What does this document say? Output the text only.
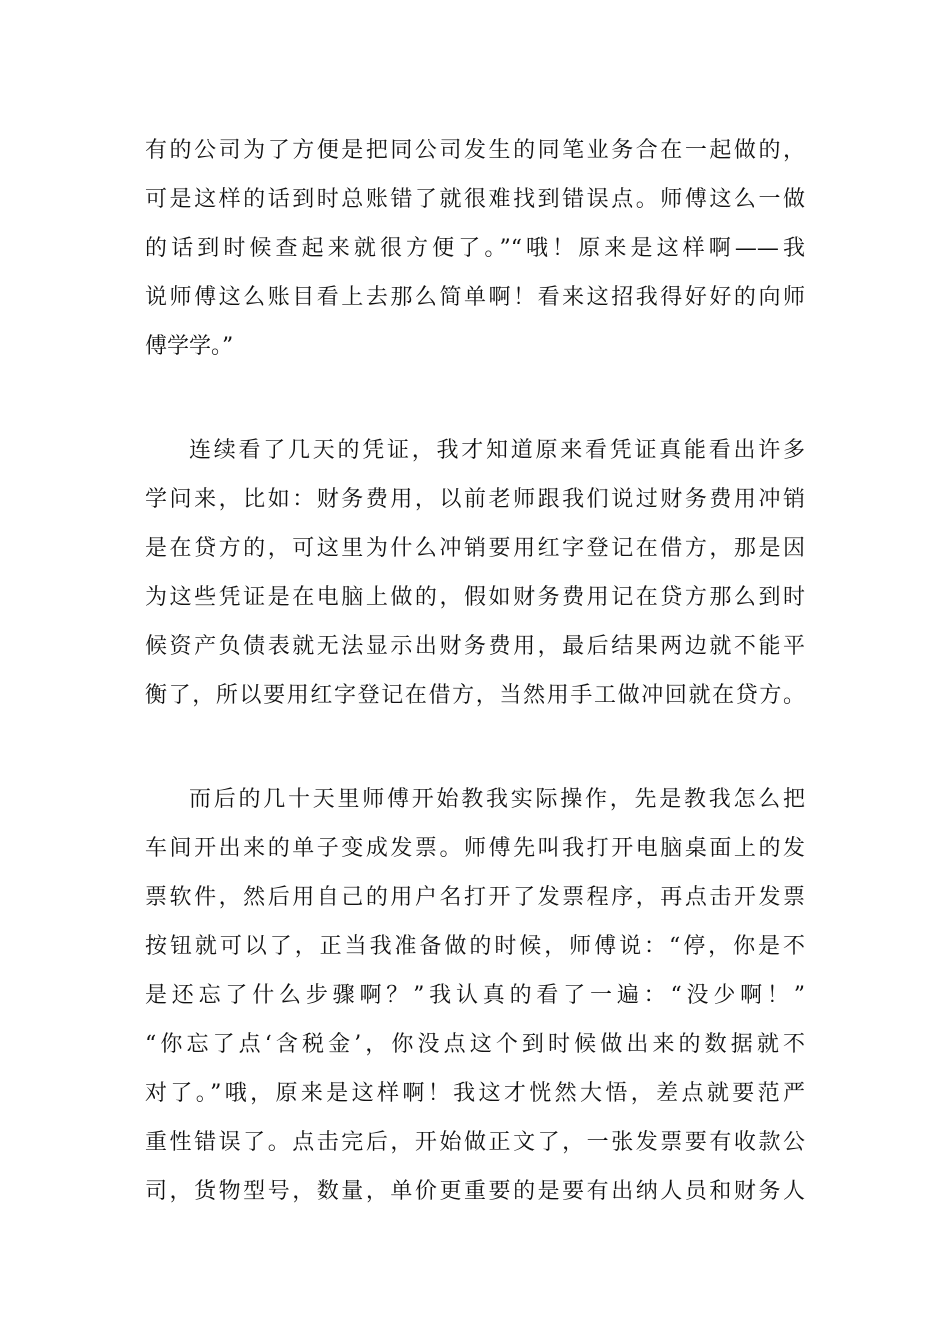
有的公司为了方便是把同公司发生的同笔业务合在一起做的，
可是这样的话到时总账错了就很难找到错误点。师傅这么一做
的话到时候查起来就很方便了。”“哦！原来是这样啊——我
说师傅这么账目看上去那么简单啊！看来这招我得好好的向师
傅学学。”
连续看了几天的凭证，我才知道原来看凭证真能看出许多
学问来，比如：财务费用，以前老师跟我们说过财务费用冲销
是在贷方的，可这里为什么冲销要用红字登记在借方，那是因
为这些凭证是在电脑上做的，假如财务费用记在贷方那么到时
候资产负债表就无法显示出财务费用，最后结果两边就不能平
衡了，所以要用红字登记在借方，当然用手工做冲回就在贷方。
而后的几十天里师傅开始教我实际操作，先是教我怎么把
车间开出来的单子变成发票。师傅先叫我打开电脑桌面上的发
票软件，然后用自己的用户名打开了发票程序，再点击开发票
按钮就可以了，正当我准备做的时候，师傅说：“停，你是不
是还忘了什么步骤啊？”我认真的看了一遍：“没少啊！”
“你忘了点‘含税金’，你没点这个到时候做出来的数据就不
对了。”哦，原来是这样啊！我这才恍然大悟，差点就要范严
重性错误了。点击完后，开始做正文了，一张发票要有收款公
司，货物型号，数量，单价更重要的是要有出纳人员和财务人
